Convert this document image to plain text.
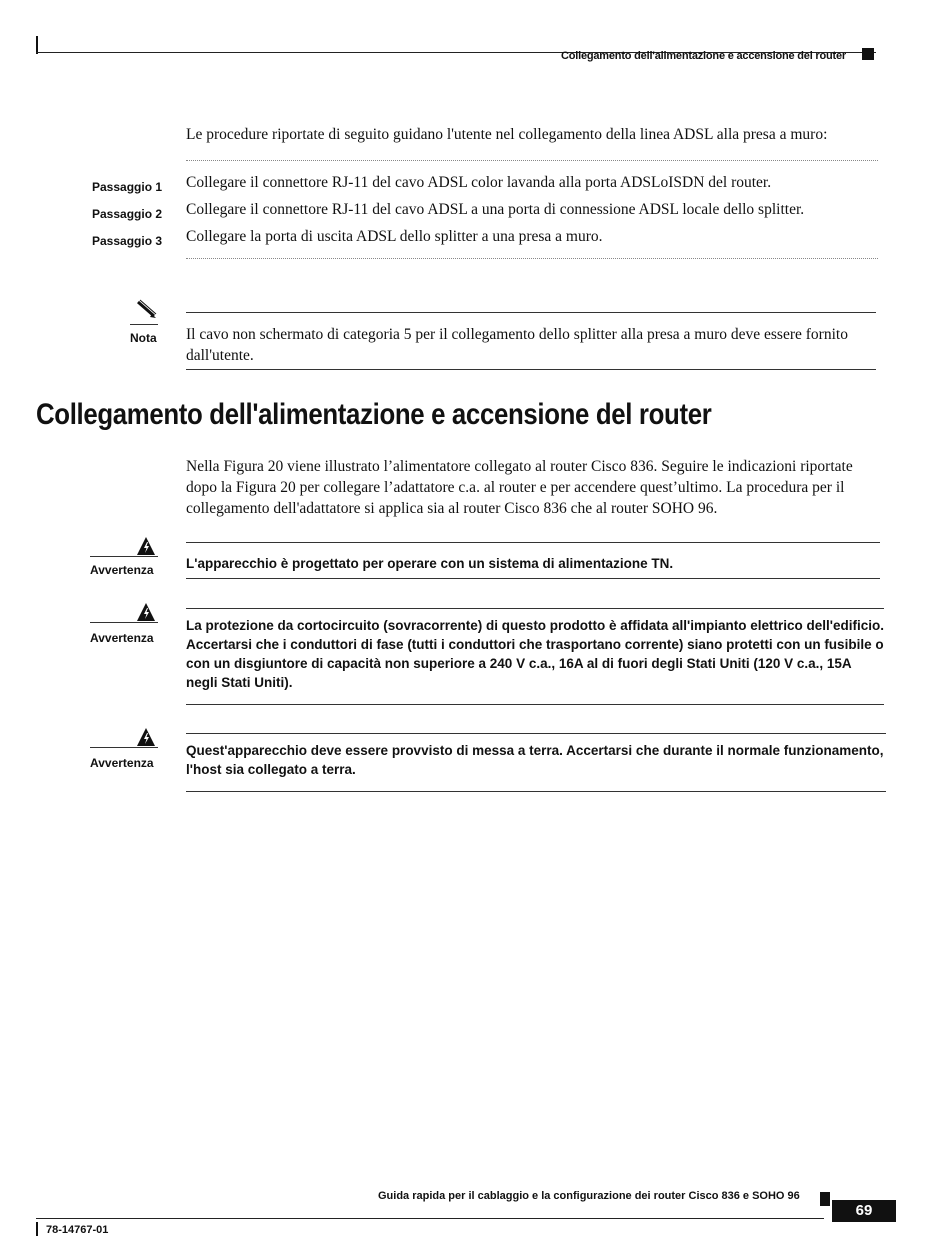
Collegamento dell'alimentazione e accensione del router
Le procedure riportate di seguito guidano l'utente nel collegamento della linea ADSL alla presa a muro:
Passaggio 1 Collegare il connettore RJ-11 del cavo ADSL color lavanda alla porta ADSLoISDN del router.
Passaggio 2 Collegare il connettore RJ-11 del cavo ADSL a una porta di connessione ADSL locale dello splitter.
Passaggio 3 Collegare la porta di uscita ADSL dello splitter a una presa a muro.
Nota Il cavo non schermato di categoria 5 per il collegamento dello splitter alla presa a muro deve essere fornito dall'utente.
Collegamento dell'alimentazione e accensione del router
Nella Figura 20 viene illustrato l’alimentatore collegato al router Cisco 836. Seguire le indicazioni riportate dopo la Figura 20 per collegare l’adattatore c.a. al router e per accendere quest’ultimo. La procedura per il collegamento dell'adattatore si applica sia al router Cisco 836 che al router SOHO 96.
Avvertenza L'apparecchio è progettato per operare con un sistema di alimentazione TN.
Avvertenza
La protezione da cortocircuito (sovracorrente) di questo prodotto è affidata all'impianto elettrico dell'edificio. Accertarsi che i conduttori di fase (tutti i conduttori che trasportano corrente) siano protetti con un fusibile o con un disgiuntore di capacità non superiore a 240 V c.a., 16A al di fuori degli Stati Uniti (120 V c.a., 15A negli Stati Uniti).
Avvertenza
Quest'apparecchio deve essere provvisto di messa a terra. Accertarsi che durante il normale funzionamento, l'host sia collegato a terra.
Guida rapida per il cablaggio e la configurazione dei router Cisco 836 e SOHO 96
69
78-14767-01
